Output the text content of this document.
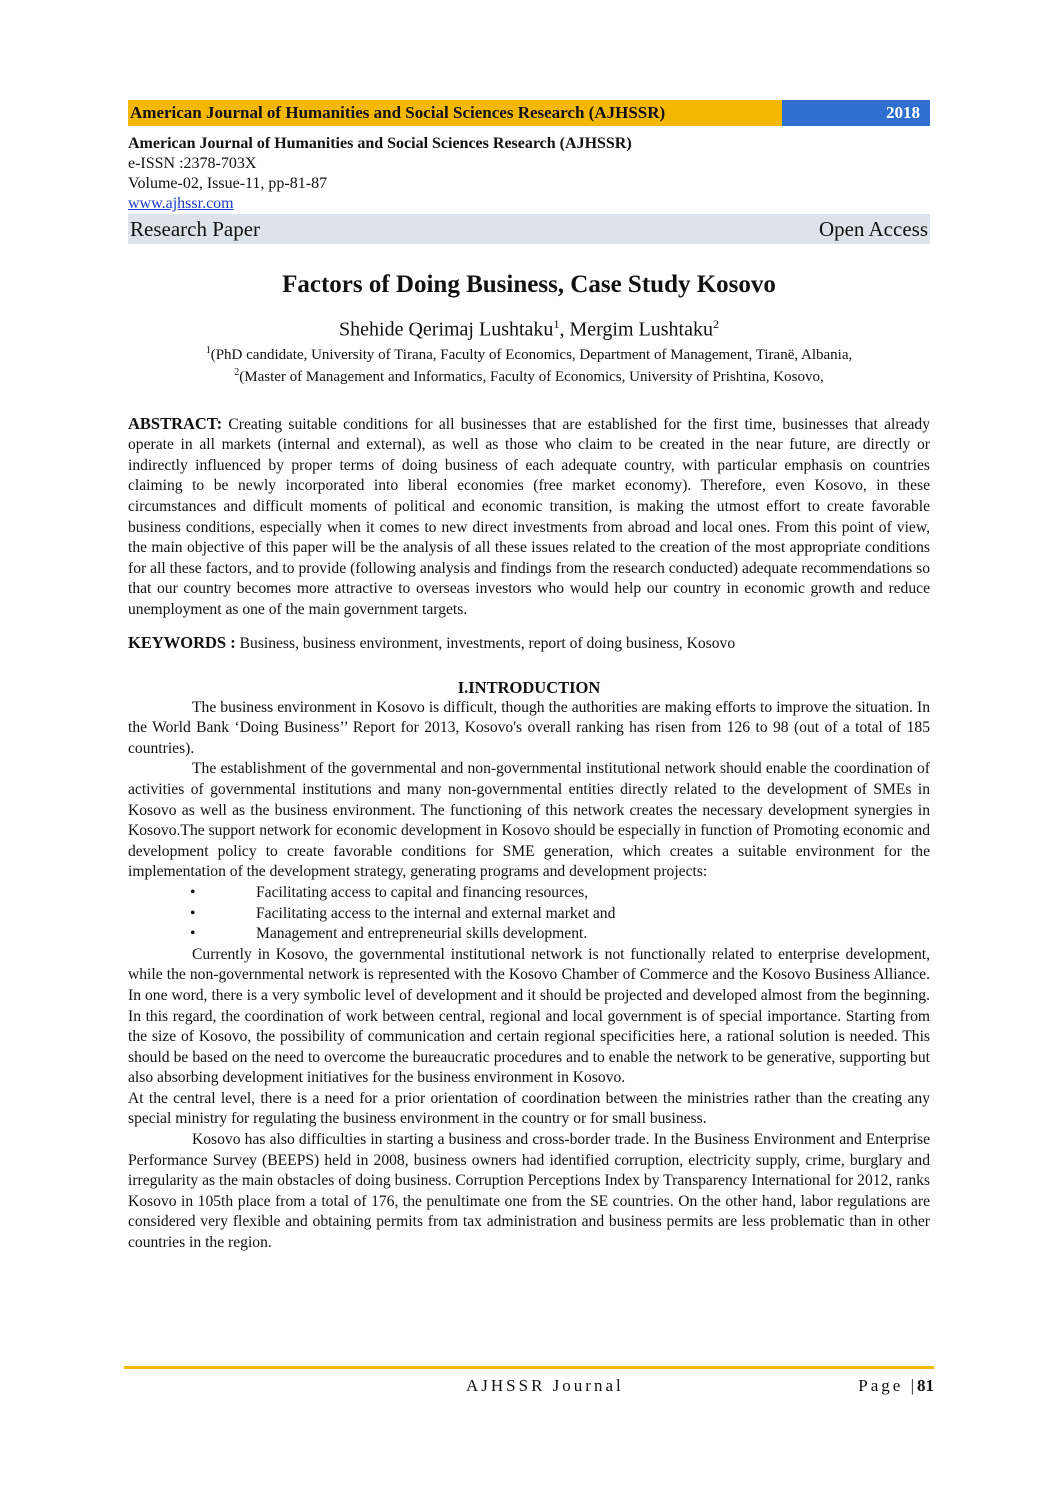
American Journal of Humanities and Social Sciences Research (AJHSSR)	2018
American Journal of Humanities and Social Sciences Research (AJHSSR)
e-ISSN :2378-703X
Volume-02, Issue-11, pp-81-87
www.ajhssr.com
Research Paper	Open Access
Factors of Doing Business, Case Study Kosovo
Shehide Qerimaj Lushtaku$^1$, Mergim Lushtaku$^2$
$^1$(PhD candidate, University of Tirana, Faculty of Economics, Department of Management, Tiranë, Albania,
$^2$(Master of Management and Informatics, Faculty of Economics, University of Prishtina, Kosovo,
ABSTRACT: Creating suitable conditions for all businesses that are established for the first time, businesses that already operate in all markets (internal and external), as well as those who claim to be created in the near future, are directly or indirectly influenced by proper terms of doing business of each adequate country, with particular emphasis on countries claiming to be newly incorporated into liberal economies (free market economy). Therefore, even Kosovo, in these circumstances and difficult moments of political and economic transition, is making the utmost effort to create favorable business conditions, especially when it comes to new direct investments from abroad and local ones. From this point of view, the main objective of this paper will be the analysis of all these issues related to the creation of the most appropriate conditions for all these factors, and to provide (following analysis and findings from the research conducted) adequate recommendations so that our country becomes more attractive to overseas investors who would help our country in economic growth and reduce unemployment as one of the main government targets.
KEYWORDS : Business, business environment, investments, report of doing business, Kosovo
I.INTRODUCTION
The business environment in Kosovo is difficult, though the authorities are making efforts to improve the situation. In the World Bank ‘Doing Business’’ Report for 2013, Kosovo's overall ranking has risen from 126 to 98 (out of a total of 185 countries).
The establishment of the governmental and non-governmental institutional network should enable the coordination of activities of governmental institutions and many non-governmental entities directly related to the development of SMEs in Kosovo as well as the business environment. The functioning of this network creates the necessary development synergies in Kosovo.The support network for economic development in Kosovo should be especially in function of Promoting economic and development policy to create favorable conditions for SME generation, which creates a suitable environment for the implementation of the development strategy, generating programs and development projects:
•	Facilitating access to capital and financing resources,
•	Facilitating access to the internal and external market and
•	Management and entrepreneurial skills development.
Currently in Kosovo, the governmental institutional network is not functionally related to enterprise development, while the non-governmental network is represented with the Kosovo Chamber of Commerce and the Kosovo Business Alliance. In one word, there is a very symbolic level of development and it should be projected and developed almost from the beginning. In this regard, the coordination of work between central, regional and local government is of special importance. Starting from the size of Kosovo, the possibility of communication and certain regional specificities here, a rational solution is needed. This should be based on the need to overcome the bureaucratic procedures and to enable the network to be generative, supporting but also absorbing development initiatives for the business environment in Kosovo.
At the central level, there is a need for a prior orientation of coordination between the ministries rather than the creating any special ministry for regulating the business environment in the country or for small business.
Kosovo has also difficulties in starting a business and cross-border trade. In the Business Environment and Enterprise Performance Survey (BEEPS) held in 2008, business owners had identified corruption, electricity supply, crime, burglary and irregularity as the main obstacles of doing business. Corruption Perceptions Index by Transparency International for 2012, ranks Kosovo in 105th place from a total of 176, the penultimate one from the SE countries. On the other hand, labor regulations are considered very flexible and obtaining permits from tax administration and business permits are less problematic than in other countries in the region.
AJHSSR Journal	Page |81
